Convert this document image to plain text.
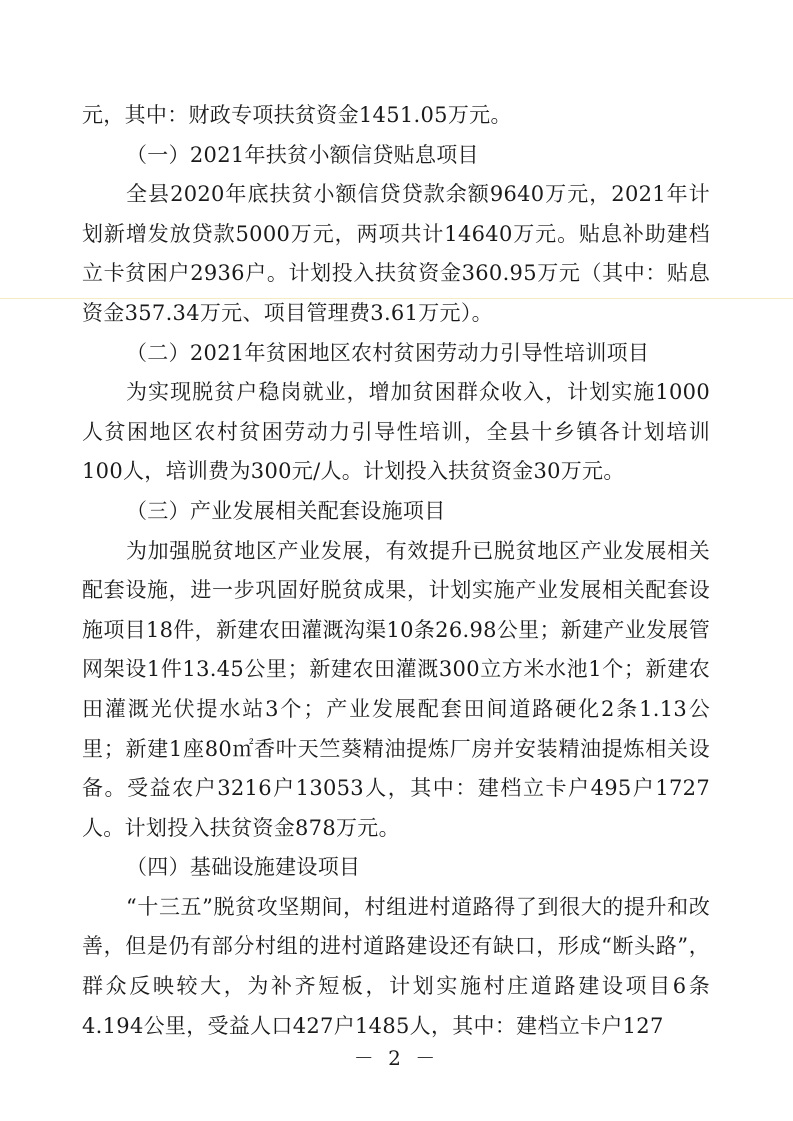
元，其中：财政专项扶贫资金1451.05万元。

（一）2021年扶贫小额信贷贴息项目

全县2020年底扶贫小额信贷贷款余额9640万元，2021年计划新增发放贷款5000万元，两项共计14640万元。贴息补助建档立卡贫困户2936户。计划投入扶贫资金360.95万元（其中：贴息资金357.34万元、项目管理费3.61万元）。

（二）2021年贫困地区农村贫困劳动力引导性培训项目

为实现脱贫户稳岗就业，增加贫困群众收入，计划实施1000人贫困地区农村贫困劳动力引导性培训，全县十乡镇各计划培训100人，培训费为300元/人。计划投入扶贫资金30万元。

（三）产业发展相关配套设施项目

为加强脱贫地区产业发展，有效提升已脱贫地区产业发展相关配套设施，进一步巩固好脱贫成果，计划实施产业发展相关配套设施项目18件，新建农田灌溉沟渠10条26.98公里；新建产业发展管网架设1件13.45公里；新建农田灌溉300立方米水池1个；新建农田灌溉光伏提水站3个；产业发展配套田间道路硬化2条1.13公里；新建1座80㎡香叶天竺葵精油提炼厂房并安装精油提炼相关设备。受益农户3216户13053人，其中：建档立卡户495户1727人。计划投入扶贫资金878万元。

（四）基础设施建设项目

“十三五”脱贫攻坚期间，村组进村道路得了到很大的提升和改善，但是仍有部分村组的进村道路建设还有缺口，形成“断头路”，群众反映较大，为补齐短板，计划实施村庄道路建设项目6条4.194公里，受益人口427户1485人，其中：建档立卡户127

－ 2 －
